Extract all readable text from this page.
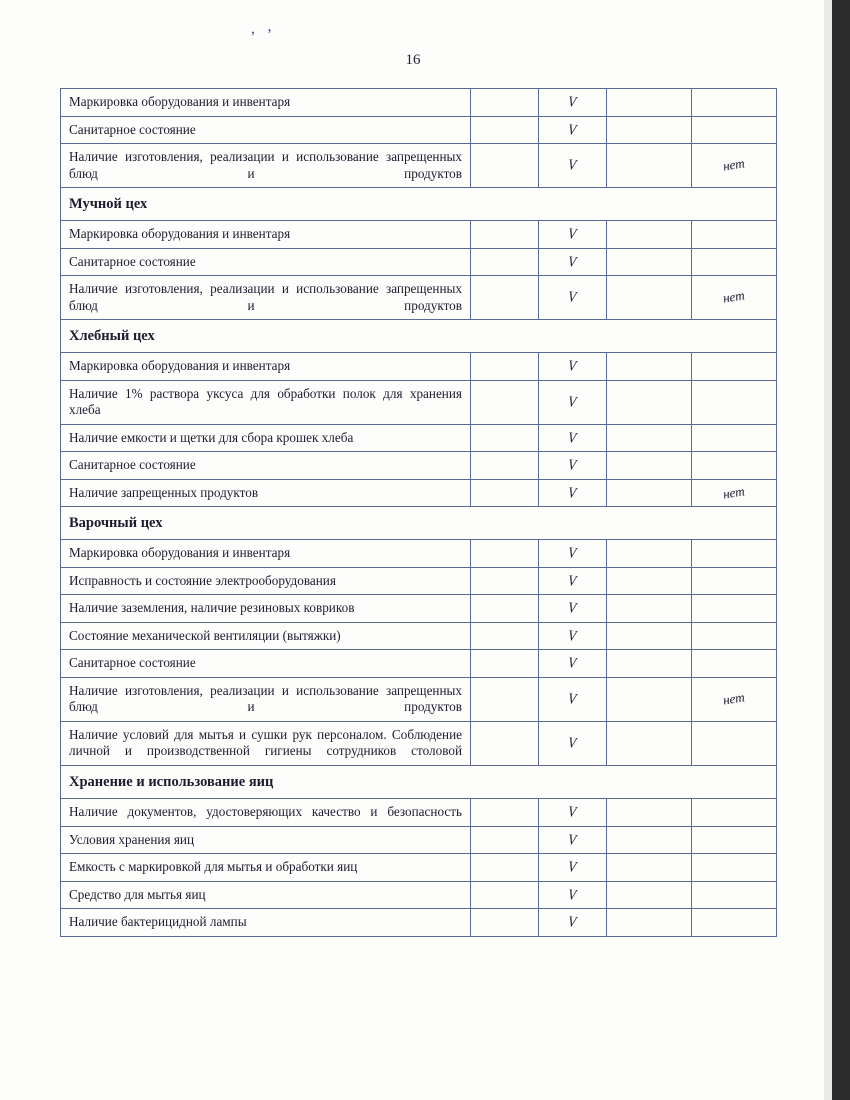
‚ ‚
16
Маркировка оборудования и инвентаря		V		
Санитарное состояние		V		
Наличие изготовления, реализации и использование запрещенных блюд и продуктов		V		нет
Мучной цех				
Маркировка оборудования и инвентаря		V		
Санитарное состояние		V		
Наличие изготовления, реализации и использование запрещенных блюд и продуктов		V		нет
Хлебный цех				
Маркировка оборудования и инвентаря		V		
Наличие 1% раствора уксуса для обработки полок для хранения хлеба		V		
Наличие емкости и щетки для сбора крошек хлеба		V		
Санитарное состояние		V		
Наличие запрещенных продуктов		V		нет
Варочный цех				
Маркировка оборудования и инвентаря		V		
Исправность и состояние электрооборудования		V		
Наличие заземления, наличие резиновых ковриков		V		
Состояние механической вентиляции (вытяжки)		V		
Санитарное состояние		V		
Наличие изготовления, реализации и использование запрещенных блюд и продуктов		V		нет
Наличие условий для мытья и сушки рук персоналом. Соблюдение личной и производственной гигиены сотрудников столовой		V		
Хранение и использование яиц				
Наличие документов, удостоверяющих качество и безопасность		V		
Условия хранения яиц		V		
Емкость с маркировкой для мытья и обработки яиц		V		
Средство для мытья яиц		V		
Наличие бактерицидной лампы		V		
